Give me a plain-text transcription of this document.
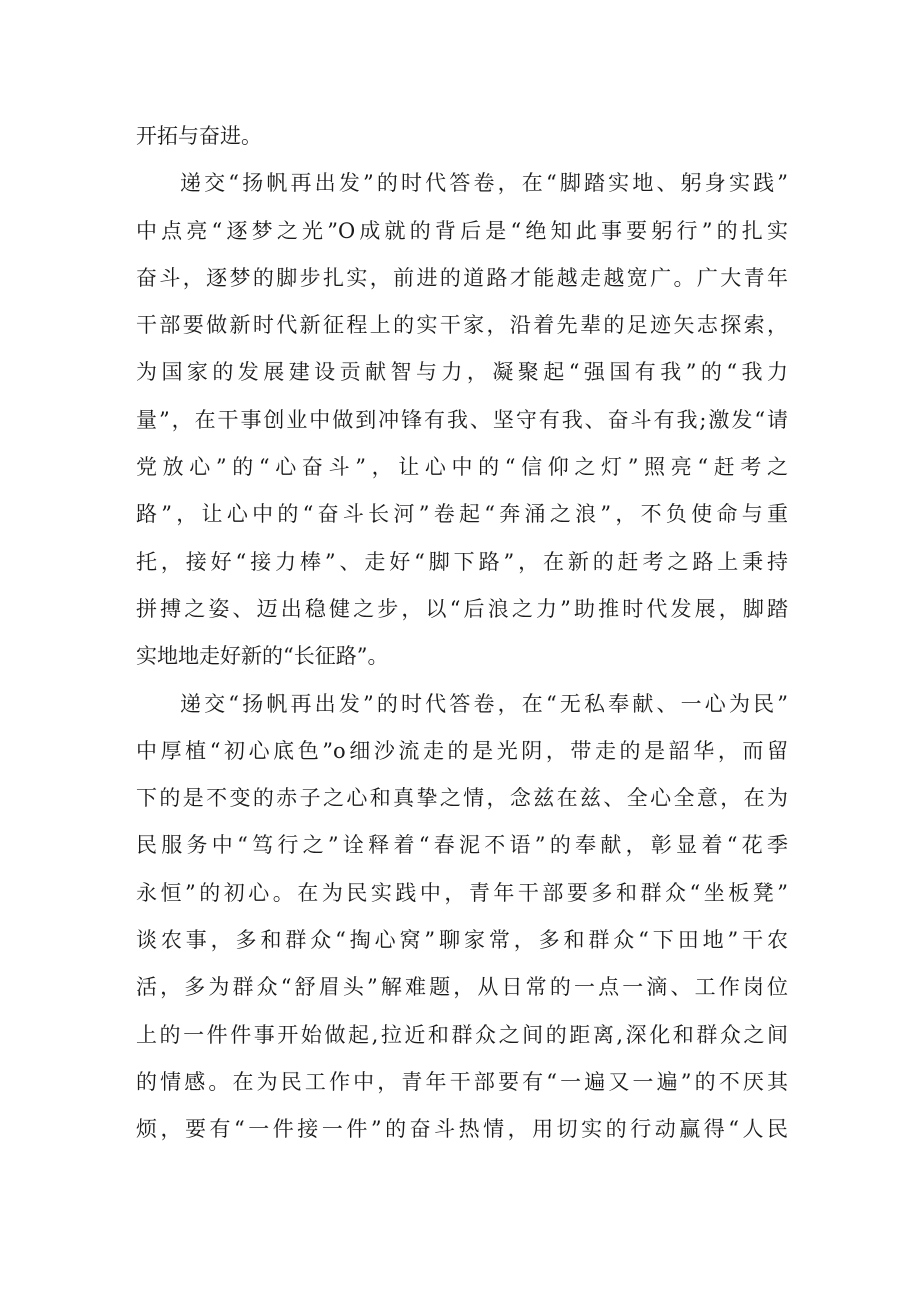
开拓与奋进。
递交“扬帆再出发”的时代答卷，在“脚踏实地、躬身实践”
中点亮“逐梦之光”O成就的背后是“绝知此事要躬行”的扎实
奋斗，逐梦的脚步扎实，前进的道路才能越走越宽广。广大青年
干部要做新时代新征程上的实干家，沿着先辈的足迹矢志探索，
为国家的发展建设贡献智与力，凝聚起“强国有我”的“我力
量”，在干事创业中做到冲锋有我、坚守有我、奋斗有我;激发“请
党放心”的“心奋斗”，让心中的“信仰之灯”照亮“赶考之
路”，让心中的“奋斗长河”卷起“奔涌之浪”，不负使命与重
托，接好“接力棒”、走好“脚下路”，在新的赶考之路上秉持
拼搏之姿、迈出稳健之步，以“后浪之力”助推时代发展，脚踏
实地地走好新的“长征路”。
递交“扬帆再出发”的时代答卷，在“无私奉献、一心为民”
中厚植“初心底色”o细沙流走的是光阴，带走的是韶华，而留
下的是不变的赤子之心和真挚之情，念兹在兹、全心全意，在为
民服务中“笃行之”诠释着“春泥不语”的奉献，彰显着“花季
永恒”的初心。在为民实践中，青年干部要多和群众“坐板凳”
谈农事，多和群众“掏心窝”聊家常，多和群众“下田地”干农
活，多为群众“舒眉头”解难题，从日常的一点一滴、工作岗位
上的一件件事开始做起,拉近和群众之间的距离,深化和群众之间
的情感。在为民工作中，青年干部要有“一遍又一遍”的不厌其
烦，要有“一件接一件”的奋斗热情，用切实的行动赢得“人民
